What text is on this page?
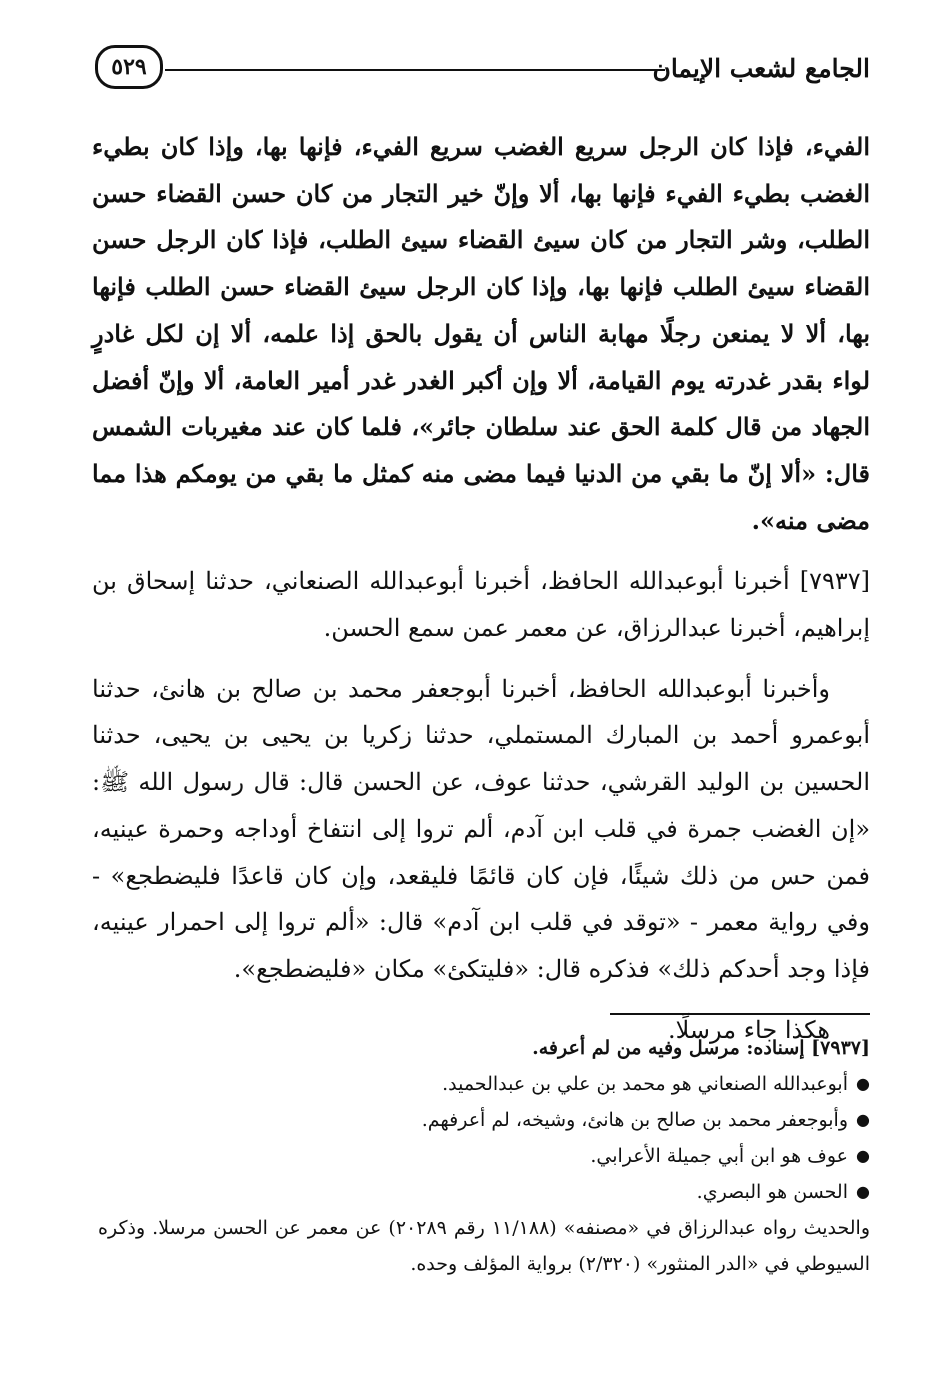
الجامع لشعب الإيمان
٥٢٩

الفيء، فإذا كان الرجل سريع الغضب سريع الفيء، فإنها بها، وإذا كان بطيء الغضب بطيء الفيء فإنها بها، ألا وإنّ خير التجار من كان حسن القضاء حسن الطلب، وشر التجار من كان سيئ القضاء سيئ الطلب، فإذا كان الرجل حسن القضاء سيئ الطلب فإنها بها، وإذا كان الرجل سيئ القضاء حسن الطلب فإنها بها، ألا لا يمنعن رجلًا مهابة الناس أن يقول بالحق إذا علمه، ألا إن لكل غادرٍ لواء بقدر غدرته يوم القيامة، ألا وإن أكبر الغدر غدر أمير العامة، ألا وإنّ أفضل الجهاد من قال كلمة الحق عند سلطان جائر»، فلما كان عند مغيربات الشمس قال: «ألا إنّ ما بقي من الدنيا فيما مضى منه كمثل ما بقي من يومكم هذا مما مضى منه».

[٧٩٣٧] أخبرنا أبوعبدالله الحافظ، أخبرنا أبوعبدالله الصنعاني، حدثنا إسحاق بن إبراهيم، أخبرنا عبدالرزاق، عن معمر عمن سمع الحسن.

وأخبرنا أبوعبدالله الحافظ، أخبرنا أبوجعفر محمد بن صالح بن هانئ، حدثنا أبوعمرو أحمد بن المبارك المستملي، حدثنا زكريا بن يحيى بن يحيى، حدثنا الحسين بن الوليد القرشي، حدثنا عوف، عن الحسن قال: قال رسول الله ﷺ: «إن الغضب جمرة في قلب ابن آدم، ألم تروا إلى انتفاخ أوداجه وحمرة عينيه، فمن حس من ذلك شيئًا، فإن كان قائمًا فليقعد، وإن كان قاعدًا فليضطجع» - وفي رواية معمر - «توقد في قلب ابن آدم» قال: «ألم تروا إلى احمرار عينيه، فإذا وجد أحدكم ذلك» فذكره قال: «فليتكئ» مكان «فليضطجع».

هكذا جاء مرسلًا.

[٧٩٣٧] إسناده: مرسل وفيه من لم أعرفه.

●
أبوعبدالله الصنعاني هو محمد بن علي بن عبدالحميد.
●
وأبوجعفر محمد بن صالح بن هانئ، وشيخه، لم أعرفهم.
●
عوف هو ابن أبي جميلة الأعرابي.
●
الحسن هو البصري.

والحديث رواه عبدالرزاق في «مصنفه» (١١/١٨٨ رقم ٢٠٢٨٩) عن معمر عن الحسن مرسلا. وذكره السيوطي في «الدر المنثور» (٢/٣٢٠) برواية المؤلف وحده.
